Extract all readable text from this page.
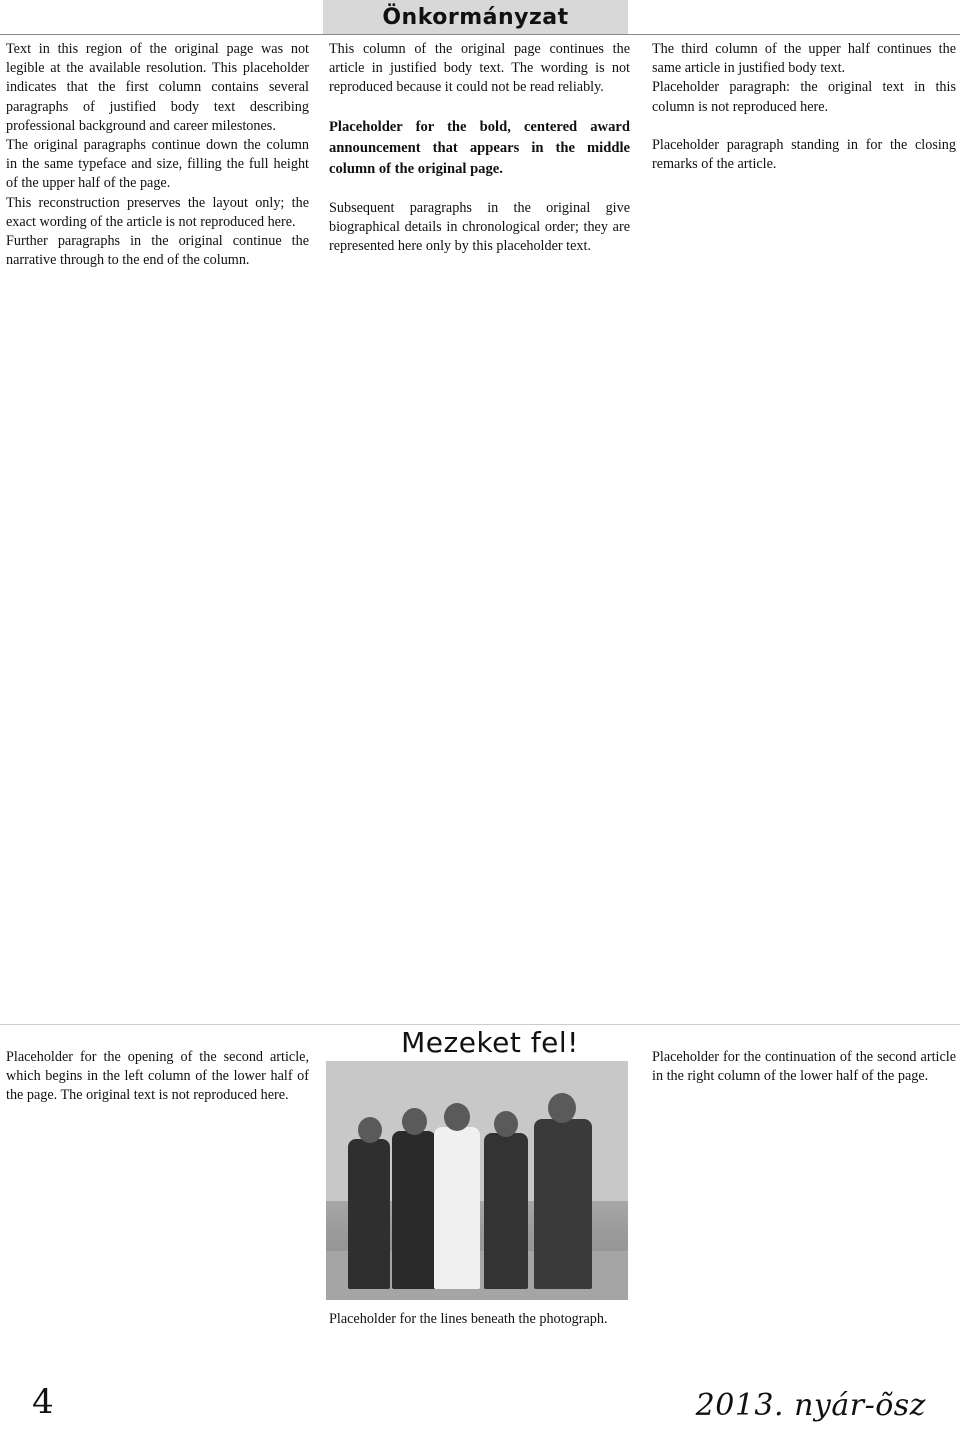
Önkormányzat

Text in this region of the original page was not legible at the available resolution. This placeholder indicates that the first column contains several paragraphs of justified body text describing professional background and career milestones.

The original paragraphs continue down the column in the same typeface and size, filling the full height of the upper half of the page.

This reconstruction preserves the layout only; the exact wording of the article is not reproduced here.

Further paragraphs in the original continue the narrative through to the end of the column.

This column of the original page continues the article in justified body text. The wording is not reproduced because it could not be read reliably.

Placeholder for the bold, centered award announcement that appears in the middle column of the original page.

Subsequent paragraphs in the original give biographical details in chronological order; they are represented here only by this placeholder text.

The third column of the upper half continues the same article in justified body text.

Placeholder paragraph: the original text in this column is not reproduced here.

Placeholder paragraph standing in for the closing remarks of the article.

Mezeket fel!

Placeholder for the opening of the second article, which begins in the left column of the lower half of the page. The original text is not reproduced here.

Placeholder for the lines beneath the photograph.

Placeholder for the continuation of the second article in the right column of the lower half of the page.

4	2013. nyár-õsz
